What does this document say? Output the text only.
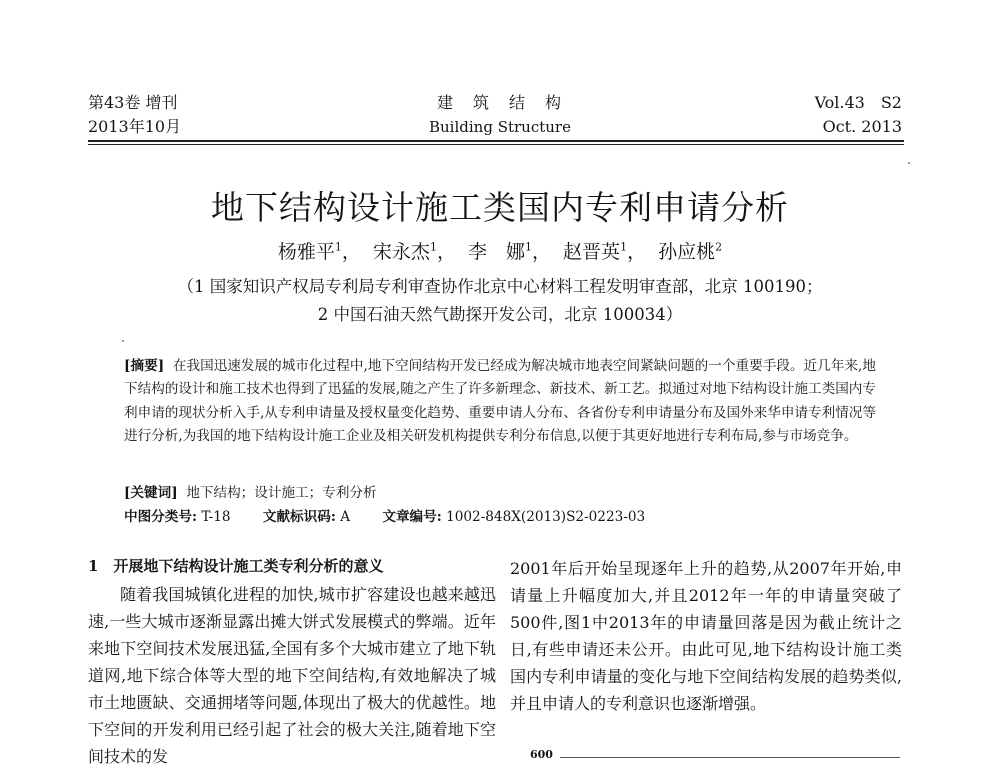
第43卷 增刊
2013年10月
建　筑　结　构
Building Structure
Vol.43　S2
Oct. 2013
地下结构设计施工类国内专利申请分析
杨雅平$^1$， 宋永杰$^1$， 李　娜$^1$， 赵晋英$^1$， 孙应桃$^2$
（1 国家知识产权局专利局专利审查协作北京中心材料工程发明审查部，北京 100190；
2 中国石油天然气勘探开发公司，北京 100034）
[摘要] 在我国迅速发展的城市化过程中,地下空间结构开发已经成为解决城市地表空间紧缺问题的一个重要手段。近几年来,地下结构的设计和施工技术也得到了迅猛的发展,随之产生了许多新理念、新技术、新工艺。拟通过对地下结构设计施工类国内专利申请的现状分析入手,从专利申请量及授权量变化趋势、重要申请人分布、各省份专利申请量分布及国外来华申请专利情况等进行分析,为我国的地下结构设计施工企业及相关研发机构提供专利分布信息,以便于其更好地进行专利布局,参与市场竞争。
[关键词] 地下结构；设计施工；专利分析
中图分类号: T-18 文献标识码: A 文章编号: 1002-848X(2013)S2-0223-03
1　开展地下结构设计施工类专利分析的意义

随着我国城镇化进程的加快,城市扩容建设也越来越迅速,一些大城市逐渐显露出摊大饼式发展模式的弊端。近年来地下空间技术发展迅猛,全国有多个大城市建立了地下轨道网,地下综合体等大型的地下空间结构,有效地解决了城市土地匮缺、交通拥堵等问题,体现出了极大的优越性。地下空间的开发利用已经引起了社会的极大关注,随着地下空间技术的发

2001年后开始呈现逐年上升的趋势,从2007年开始,申请量上升幅度加大,并且2012年一年的申请量突破了500件,图1中2013年的申请量回落是因为截止统计之日,有些申请还未公开。由此可见,地下结构设计施工类国内专利申请量的变化与地下空间结构发展的趋势类似,并且申请人的专利意识也逐渐增强。

600
